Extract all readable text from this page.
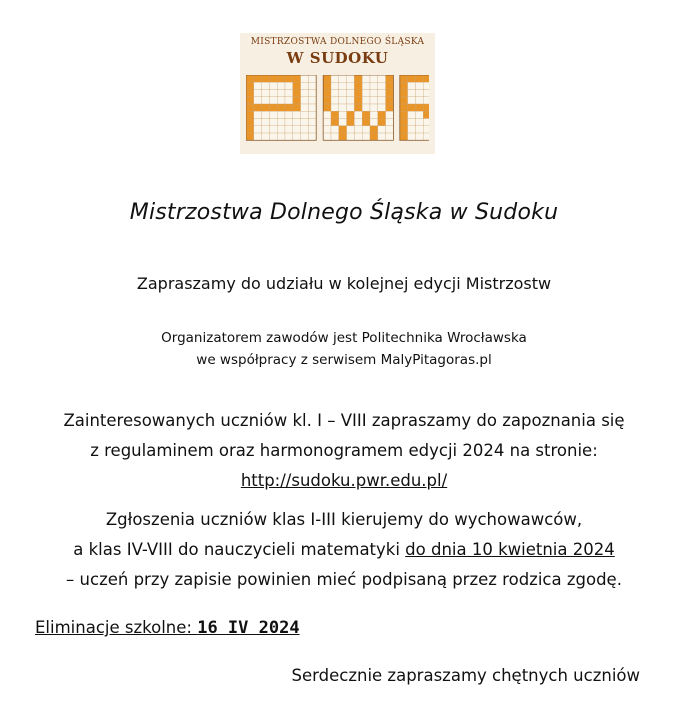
MISTRZOSTWA DOLNEGO ŚLĄSKA
W SUDOKU
Mistrzostwa Dolnego Śląska w Sudoku
Zapraszamy do udziału w kolejnej edycji Mistrzostw
Organizatorem zawodów jest Politechnika Wrocławska
we współpracy z serwisem MalyPitagoras.pl
Zainteresowanych uczniów kl. I – VIII zapraszamy do zapoznania się
z regulaminem oraz harmonogramem edycji 2024 na stronie:
http://sudoku.pwr.edu.pl/
Zgłoszenia uczniów klas I-III kierujemy do wychowawców,
a klas IV-VIII do nauczycieli matematyki do dnia 10 kwietnia 2024
– uczeń przy zapisie powinien mieć podpisaną przez rodzica zgodę.
Eliminacje szkolne: 16 IV 2024
Serdecznie zapraszamy chętnych uczniów
